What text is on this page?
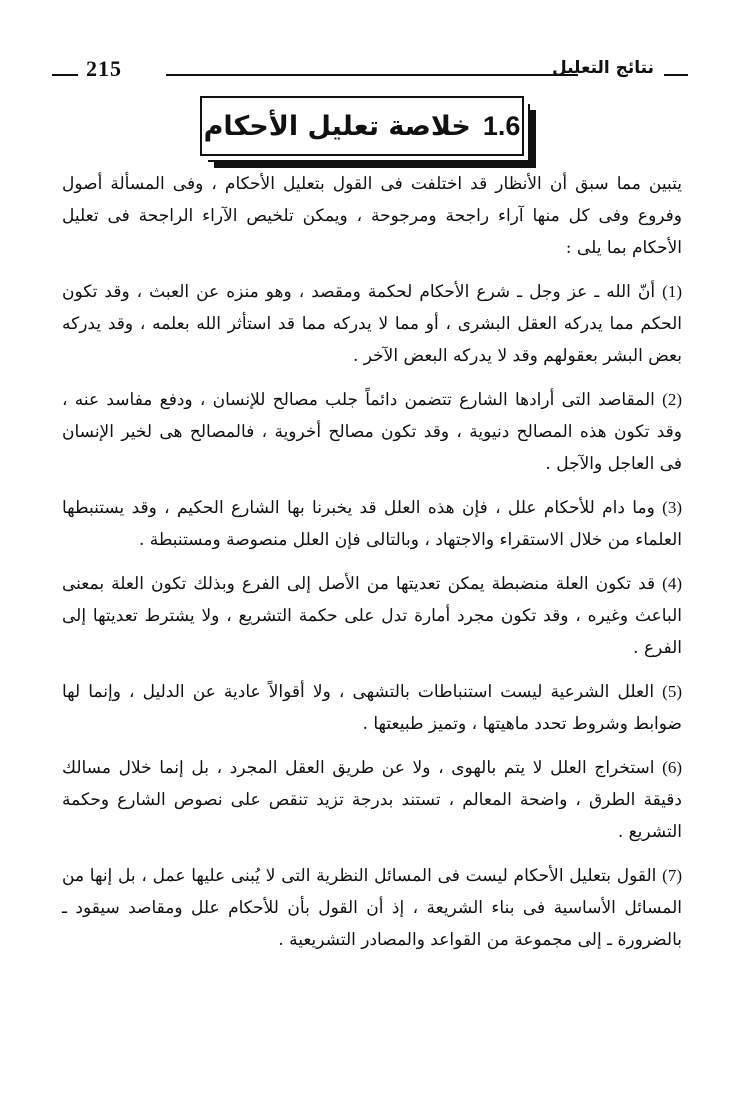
215	نتائج التعليل
1.6
خلاصة تعليل الأحكام

يتبين مما سبق أن الأنظار قد اختلفت فى القول بتعليل الأحكام ، وفى المسألة أصول وفروع وفى كل منها آراء راجحة ومرجوحة ، ويمكن تلخيص الآراء الراجحة فى تعليل الأحكام بما يلى :

(1) أنّ الله ـ عز وجل ـ شرع الأحكام لحكمة ومقصد ، وهو منزه عن العبث ، وقد تكون الحكم مما يدركه العقل البشرى ، أو مما لا يدركه مما قد استأثر الله بعلمه ، وقد يدركه بعض البشر بعقولهم وقد لا يدركه البعض الآخر .

(2) المقاصد التى أرادها الشارع تتضمن دائماً جلب مصالح للإنسان ، ودفع مفاسد عنه ، وقد تكون هذه المصالح دنيوية ، وقد تكون مصالح أخروية ، فالمصالح هى لخير الإنسان فى العاجل والآجل .

(3) وما دام للأحكام علل ، فإن هذه العلل قد يخبرنا بها الشارع الحكيم ، وقد يستنبطها العلماء من خلال الاستقراء والاجتهاد ، وبالتالى فإن العلل منصوصة ومستنبطة .

(4) قد تكون العلة منضبطة يمكن تعديتها من الأصل إلى الفرع وبذلك تكون العلة بمعنى الباعث وغيره ، وقد تكون مجرد أمارة تدل على حكمة التشريع ، ولا يشترط تعديتها إلى الفرع .

(5) العلل الشرعية ليست استنباطات بالتشهى ، ولا أقوالاً عادية عن الدليل ، وإنما لها ضوابط وشروط تحدد ماهيتها ، وتميز طبيعتها .

(6) استخراج العلل لا يتم بالهوى ، ولا عن طريق العقل المجرد ، بل إنما خلال مسالك دقيقة الطرق ، واضحة المعالم ، تستند بدرجة تزيد تنقص على نصوص الشارع وحكمة التشريع .

(7) القول بتعليل الأحكام ليست فى المسائل النظرية التى لا يُبنى عليها عمل ، بل إنها من المسائل الأساسية فى بناء الشريعة ، إذ أن القول بأن للأحكام علل ومقاصد سيقود ـ بالضرورة ـ إلى مجموعة من القواعد والمصادر التشريعية .
